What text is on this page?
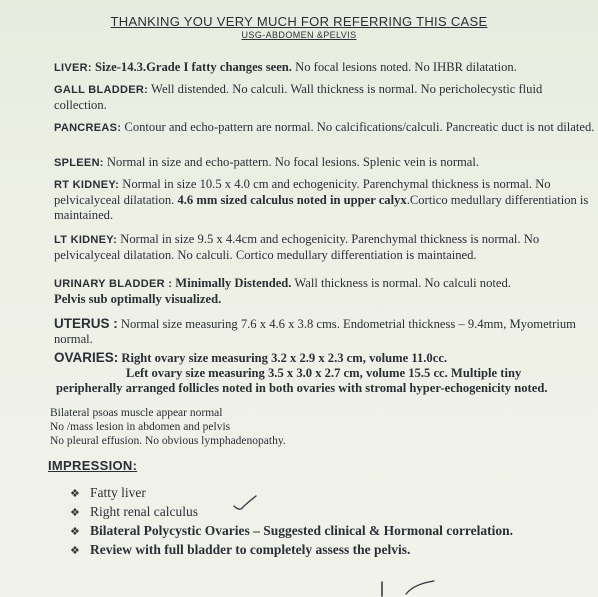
THANKING YOU VERY MUCH FOR REFERRING THIS CASE
USG-ABDOMEN &PELVIS
LIVER: Size-14.3.Grade I fatty changes seen. No focal lesions noted. No IHBR dilatation.
GALL BLADDER: Well distended. No calculi. Wall thickness is normal. No pericholecystic fluid collection.
PANCREAS: Contour and echo-pattern are normal. No calcifications/calculi. Pancreatic duct is not dilated.
SPLEEN: Normal in size and echo-pattern. No focal lesions. Splenic vein is normal.
RT KIDNEY: Normal in size 10.5 x 4.0 cm and echogenicity. Parenchymal thickness is normal. No pelvicalyceal dilatation. 4.6 mm sized calculus noted in upper calyx.Cortico medullary differentiation is maintained.
LT KIDNEY: Normal in size 9.5 x 4.4cm and echogenicity. Parenchymal thickness is normal. No pelvicalyceal dilatation. No calculi. Cortico medullary differentiation is maintained.
URINARY BLADDER : Minimally Distended. Wall thickness is normal. No calculi noted.
Pelvis sub optimally visualized.
UTERUS : Normal size measuring 7.6 x 4.6 x 3.8 cms. Endometrial thickness – 9.4mm, Myometrium normal.
OVARIES: Right ovary size measuring 3.2 x 2.9 x 2.3 cm, volume 11.0cc.
Left ovary size measuring 3.5 x 3.0 x 2.7 cm, volume 15.5 cc. Multiple tiny
peripherally arranged follicles noted in both ovaries with stromal hyper-echogenicity noted.
Bilateral psoas muscle appear normal
No /mass lesion in abdomen and pelvis
No pleural effusion. No obvious lymphadenopathy.
IMPRESSION:
❖ Fatty liver
❖ Right renal calculus
❖ Bilateral Polycystic Ovaries – Suggested clinical & Hormonal correlation.
❖ Review with full bladder to completely assess the pelvis.
